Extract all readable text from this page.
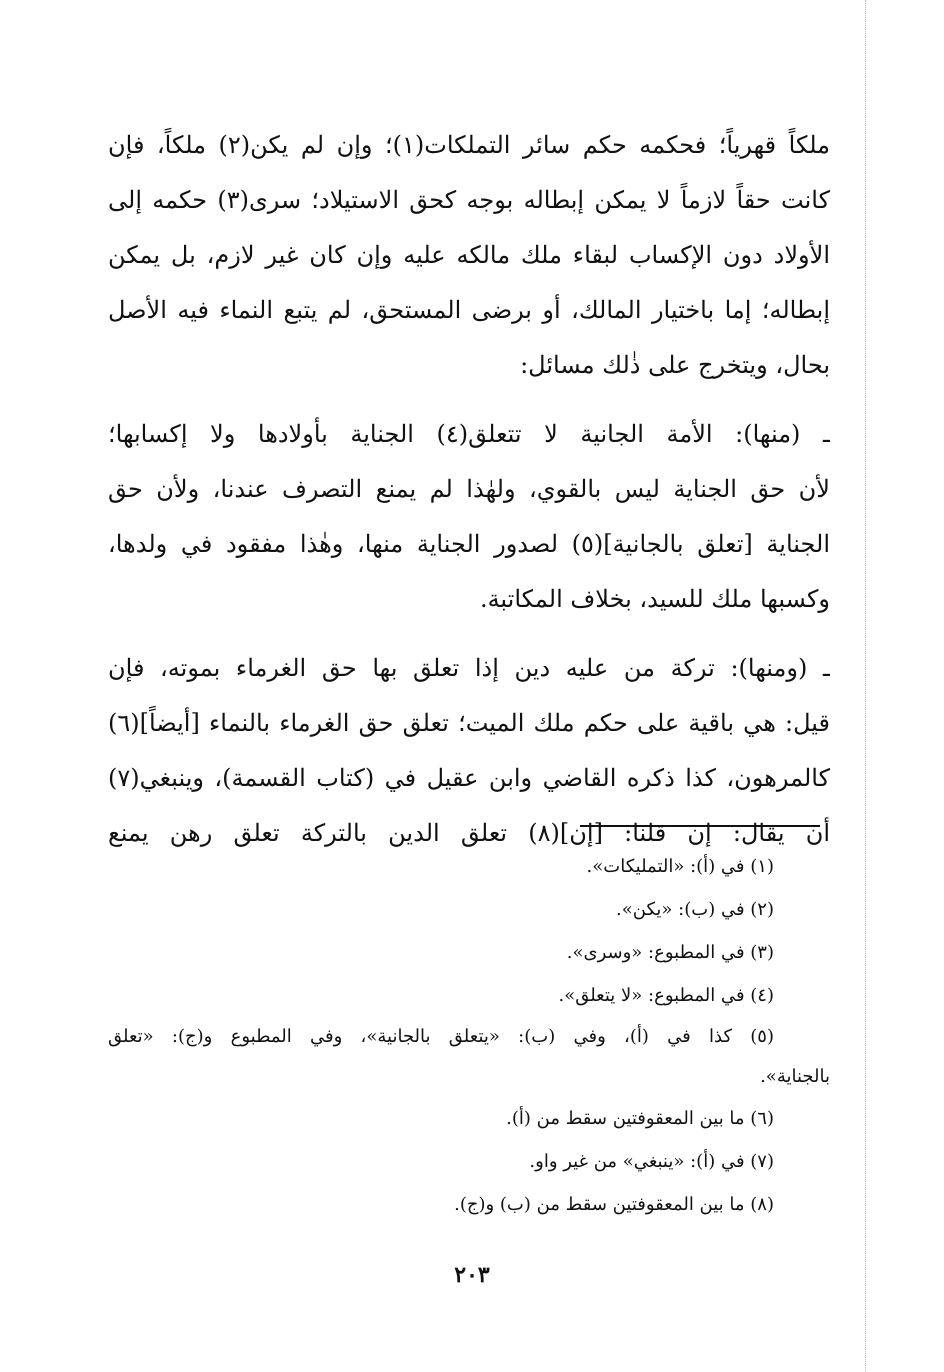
ملكاً قهرياً؛ فحكمه حكم سائر التملكات(١)؛ وإن لم يكن(٢) ملكاً، فإن
كانت حقاً لازماً لا يمكن إبطاله بوجه كحق الاستيلاد؛ سرى(٣) حكمه إلى
الأولاد دون الإكساب لبقاء ملك مالكه عليه وإن كان غير لازم، بل يمكن
إبطاله؛ إما باختيار المالك، أو برضى المستحق، لم يتبع النماء فيه الأصل
بحال، ويتخرج على ذٰلك مسائل:
ـ (منها): الأمة الجانية لا تتعلق(٤) الجناية بأولادها ولا إكسابها؛
لأن حق الجناية ليس بالقوي، ولهٰذا لم يمنع التصرف عندنا، ولأن حق
الجناية [تعلق بالجانية](٥) لصدور الجناية منها، وهٰذا مفقود في ولدها،
وكسبها ملك للسيد، بخلاف المكاتبة.
ـ (ومنها): تركة من عليه دين إذا تعلق بها حق الغرماء بموته، فإن
قيل: هي باقية على حكم ملك الميت؛ تعلق حق الغرماء بالنماء [أيضاً](٦)
كالمرهون، كذا ذكره القاضي وابن عقيل في (كتاب القسمة)، وينبغي(٧)
أن يقال: إن قلنا: [إن](٨) تعلق الدين بالتركة تعلق رهن يمنع
(١) في (أ): «التمليكات».
(٢) في (ب): «يكن».
(٣) في المطبوع: «وسرى».
(٤) في المطبوع: «لا يتعلق».
(٥) كذا في (أ)، وفي (ب): «يتعلق بالجانية»، وفي المطبوع و(ج): «تعلق
بالجناية».
(٦) ما بين المعقوفتين سقط من (أ).
(٧) في (أ): «ينبغي» من غير واو.
(٨) ما بين المعقوفتين سقط من (ب) و(ج).
٢٠٣
